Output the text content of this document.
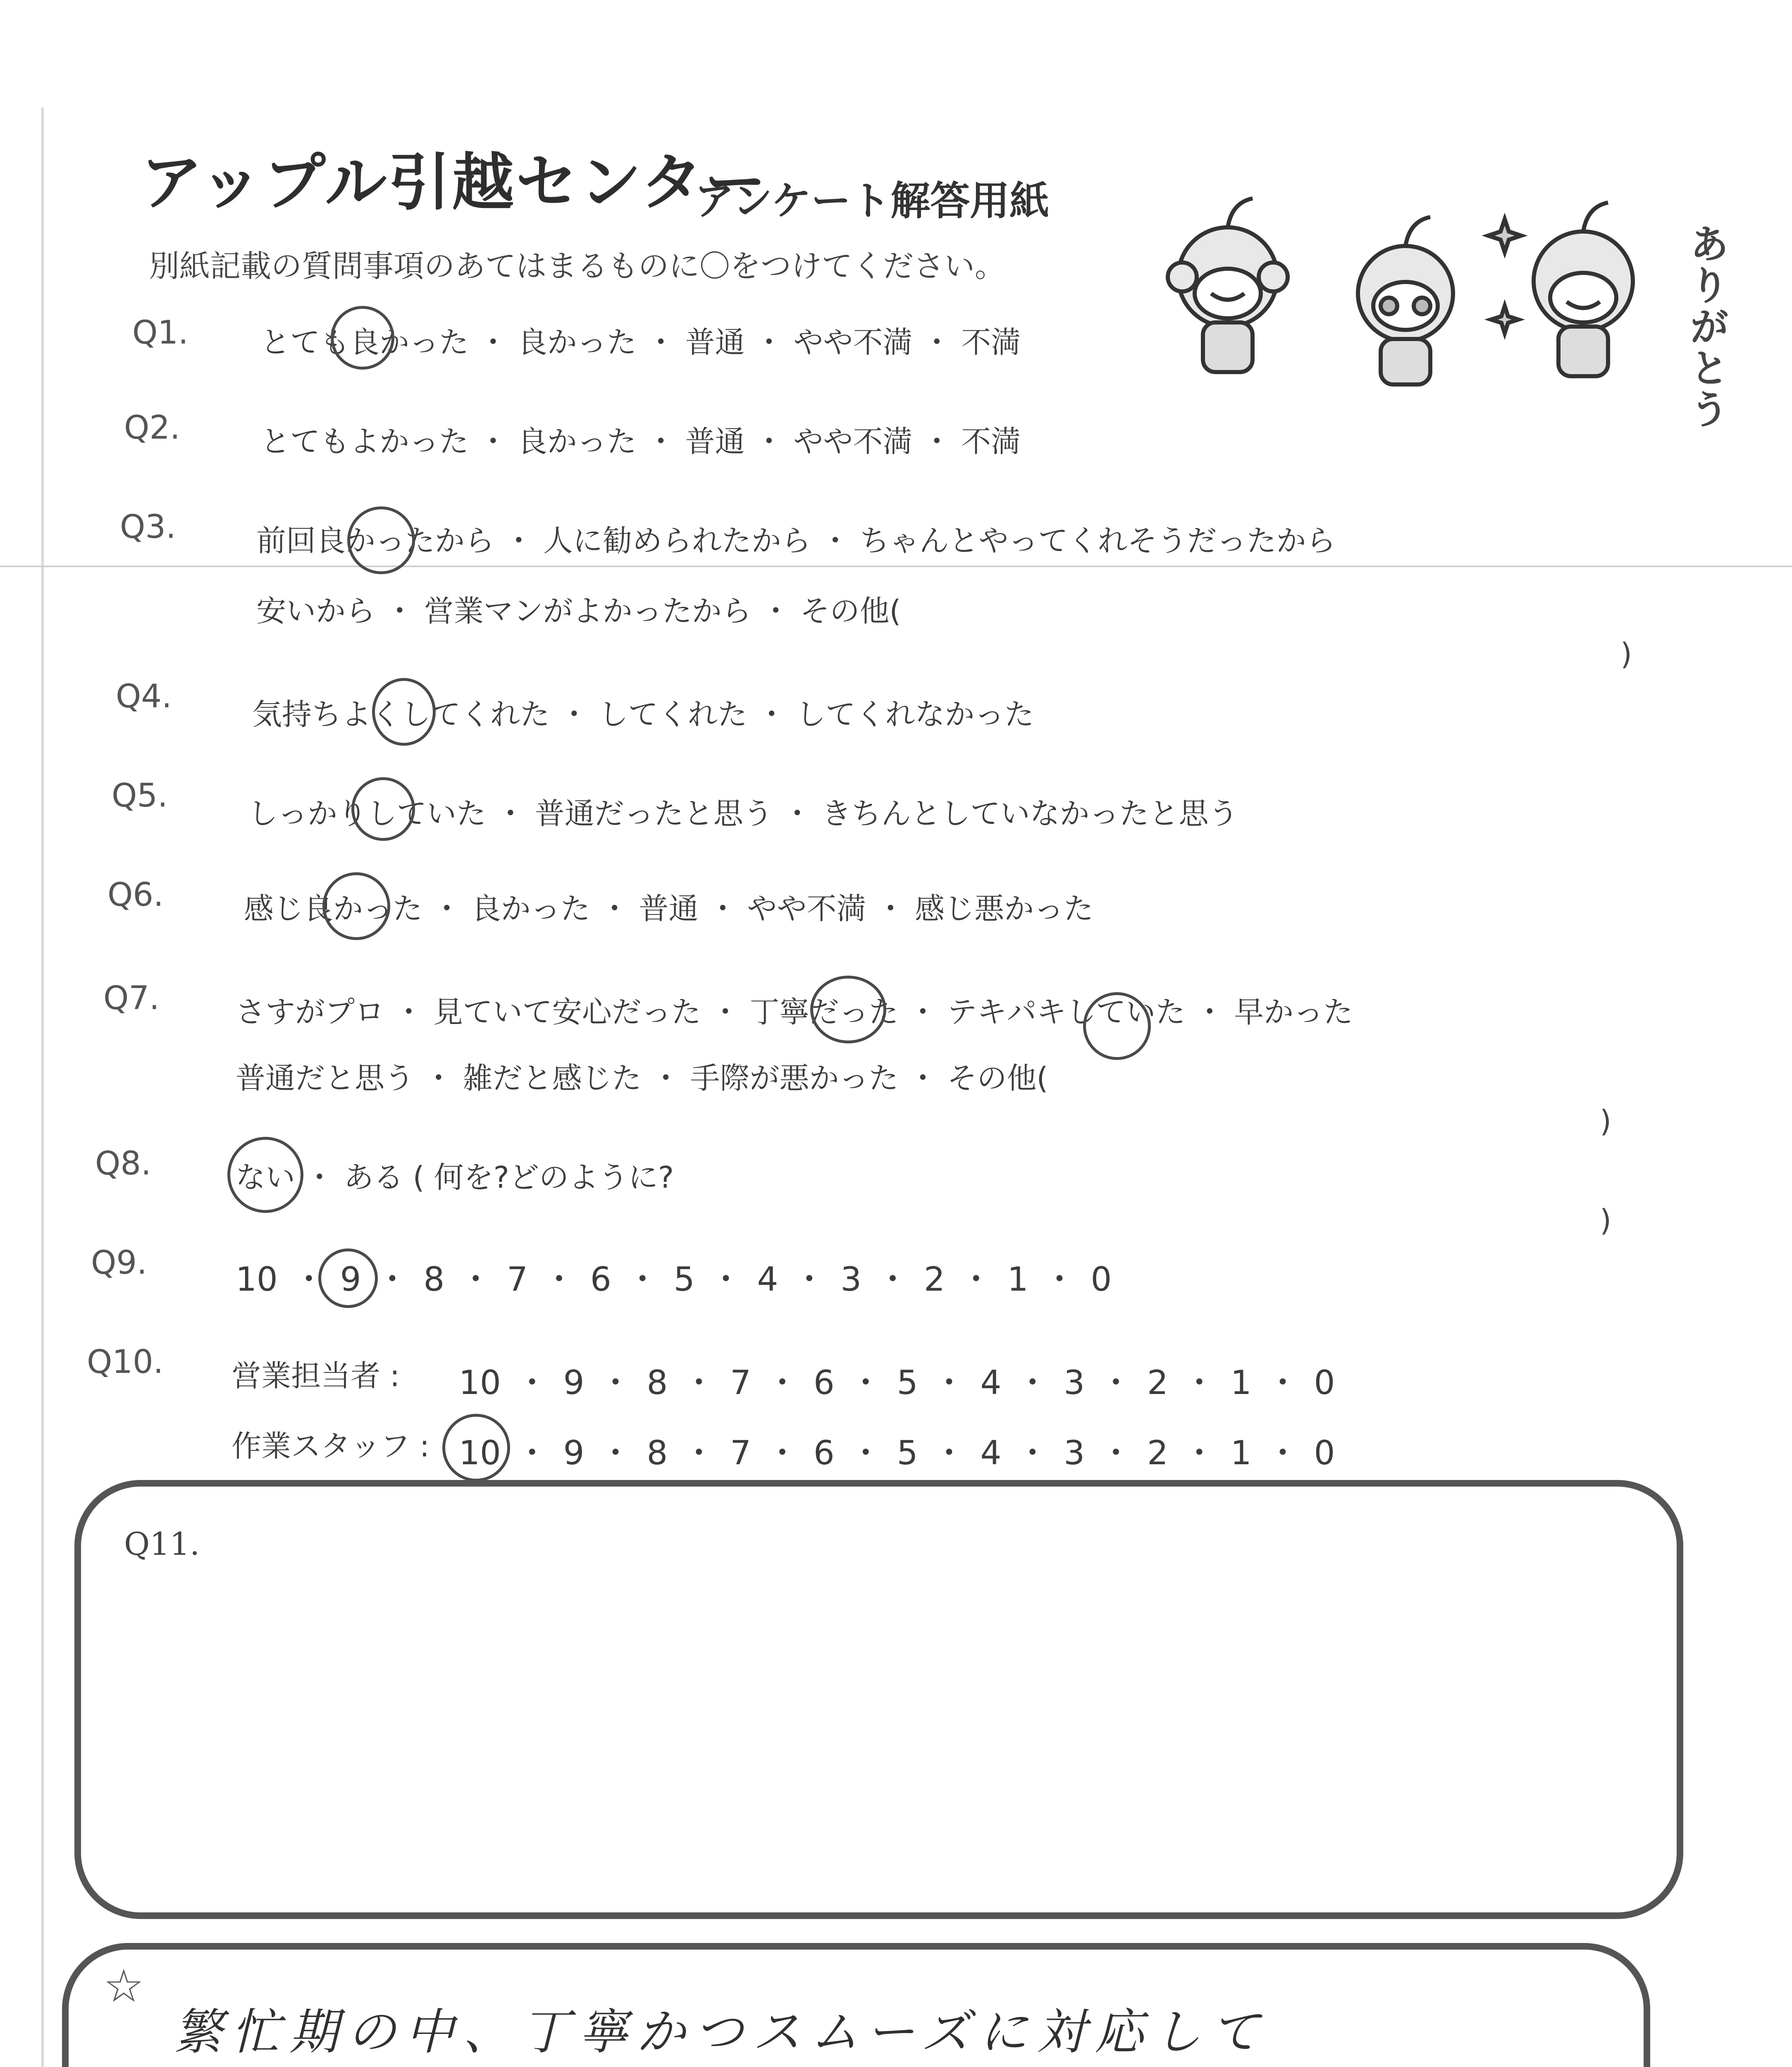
アップル引越センター
アンケート解答用紙
別紙記載の質問事項のあてはまるものに〇をつけてください。	ありがとう
Q1. とても良かった ・ 良かった ・ 普通 ・ やや不満 ・ 不満
Q2.	とてもよかった ・ 良かった ・ 普通 ・ やや不満 ・ 不満
Q3.	前回良かったから ・ 人に勧められたから ・ ちゃんとやってくれそうだったから
安いから ・ 営業マンがよかったから ・ その他(
)
Q4.	気持ちよくしてくれた ・ してくれた ・ してくれなかった
Q5.	しっかりしていた ・ 普通だったと思う ・ きちんとしていなかったと思う
Q6.	感じ良かった ・ 良かった ・ 普通 ・ やや不満 ・ 感じ悪かった
Q7.	さすがプロ ・ 見ていて安心だった ・ 丁寧だった ・ テキパキしていた ・ 早かった
普通だと思う ・ 雑だと感じた ・ 手際が悪かった ・ その他(
)
Q8.	ない ・ ある ( 何を?どのように?
)
Q9.	10 ・ 9 ・ 8 ・ 7 ・ 6 ・ 5 ・ 4 ・ 3 ・ 2 ・ 1 ・ 0
Q10. 営業担当者 : 10 ・ 9 ・ 8 ・ 7 ・ 6 ・ 5 ・ 4 ・ 3 ・ 2 ・ 1 ・ 0
作業スタッフ : 10 ・ 9 ・ 8 ・ 7 ・ 6 ・ 5 ・ 4 ・ 3 ・ 2 ・ 1 ・ 0
Q11.
☆
繁忙期の中、丁寧かつスムーズに対応して
